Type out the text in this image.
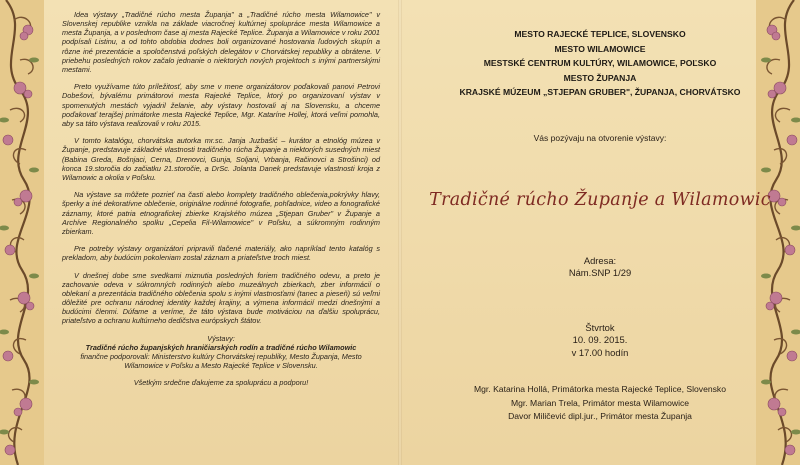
Ideа výstavy „Tradičné rúcho mesta Županja" a „Tradičné rúcho mesta Wilamowice" v Slovenskej republike vznikla na základe viacročnej kultúrnej spolupráce mesta Wilamowice a mesta Županja, a v poslednom čase aj mesta Rajecké Teplice. Županja a Wilamowice v roku 2001 podpísali Listinu, a od tohto obdobia dodnes boli organizované hostovania ľudových skupín a rôzne iné prezentácie a spoločenstvá poľských delegátov v Chorvátskej republiky a obrátene. V priebehu posledných rokov začalo jednanie o niektorých nových projektoch s inými partnerskými mestami.

Preto využívame túto príležitosť, aby sme v mene organizátorov poďakovali panovi Petrovi Dobešovi, bývalému primátorovi mesta Rajecké Teplice, ktorý po organizovaní výstav v spomenutých mestách vyjadril želanie, aby výstavy hostovali aj na Slovensku, a chceme poďakovať terajšej primátorke mesta Rajecké Teplice, Mgr. Kataríne Hollej, ktorá veľmi pomohla, aby sa táto výstava realizovali v roku 2015.

V tomto katalógu, chorvátska autorka mr.sc. Janja Juzbašić – kurátor a etnológ múzea v Županje, predstavuje základné vlastnosti tradičného rúcha Županje a niektorých susedných miest (Babina Greda, Bošnjaci, Cerna, Drenovci, Gunja, Soljani, Vrbanja, Račinovci a Strošinci) od konca 19.storočia do začiatku 21.storočie, a DrSc. Jolanta Danek predstavuje vlastnosti kroja z Wilamowic a okolia v Poľsku.

Na výstave sa môžete pozrieť na časti alebo komplety tradičného oblečenia,pokrývky hlavy, šperky a iné dekoratívne oblečenie, originálne rodinné fotografie, pohľadnice, video a fonografické záznamy, ktoré patria etnografickej zbierke Krajského múzea „Stjepan Gruber" v Županje a Archíve Regionalného spolku „Cepelia Fil-Wilamowice" v Poľsku, a súkromným rodinným zbierkam.

Pre potreby výstavy organizátori pripravili tlačené materiály, ako napríklad tento katalóg s prekladom, aby budúcim pokoleniam zostal záznam a priateľstve troch miest.

V dnešnej dobe sme svedkami miznutia posledných foriem tradičného odevu, a preto je zachovanie odeva v súkromných rodinných alebo muzeálnych zbierkach, zber informácií o oblekaní a prezentácia tradičného oblečenia spolu s inými vlastnosťami (tanec a pieseň) sú veľmi dôležité pre ochranu národnej identity každej krajiny, a výmena informácií medzi dnešnými a budúcimi členmi. Dúfame a veríme, že táto výstava bude motiváciou na ďalšiu spoluprácu, priateľstvo a ochranu kultúrneho dedičstva európskych štátov.

Výstavy:
Tradičné rúcho županjských hraničiarských rodín a tradičné rúcho Wilamowic
finančne podporovali: Ministerstvo kultúry Chorvátskej republiky, Mesto Županja, Mesto Wilamowice v Poľsku a Mesto Rajecké Teplice v Slovensku.

Všetkým srdečne ďakujeme za spoluprácu a podporu!

MESTO RAJECKÉ TEPLICE, SLOVENSKO
MESTO WILAMOWICE
MESTSKÉ CENTRUM KULTÚRY, WILAMOWICE, POĽSKO
MESTO ŽUPANJA
KRAJSKÉ MÚZEUM „STJEPAN GRUBER", ŽUPANJA, CHORVÁTSKO
Vás pozývaju na otvorenie výstavy:
Tradičné rúcho Županje a Wilamowic
Adresa:
Nám.SNP 1/29
Štvrtok
10. 09. 2015.
v 17.00 hodín
Mgr. Katarina Hollá, Primátorka mesta Rajecké Teplice, Slovensko
Mgr. Marian Trela, Primátor mesta Wilamowice
Davor Miličević dipl.jur., Primátor mesta Županja
